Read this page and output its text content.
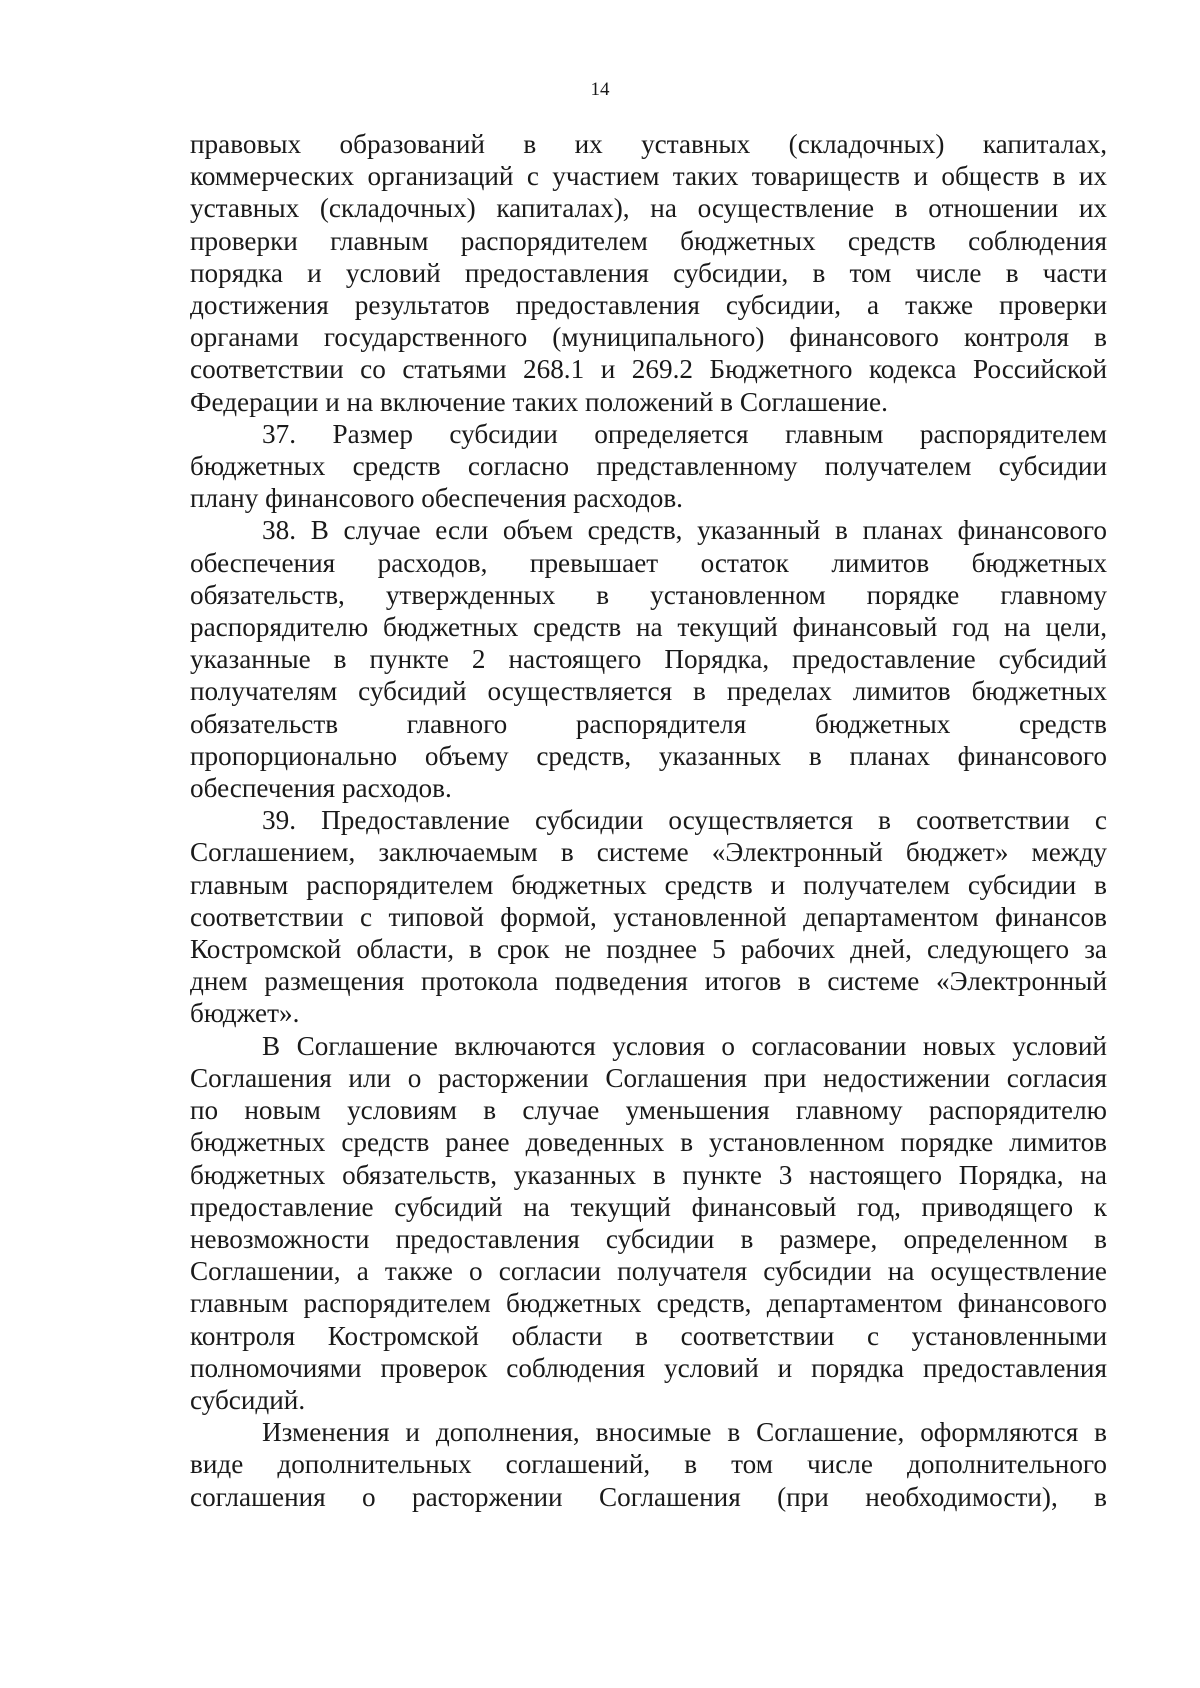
14
правовых образований в их уставных (складочных) капиталах,
коммерческих организаций с участием таких товариществ и обществ в их
уставных (складочных) капиталах), на осуществление в отношении их
проверки главным распорядителем бюджетных средств соблюдения
порядка и условий предоставления субсидии, в том числе в части
достижения результатов предоставления субсидии, а также проверки
органами государственного (муниципального) финансового контроля в
соответствии со статьями 268.1 и 269.2 Бюджетного кодекса Российской
Федерации и на включение таких положений в Соглашение.
37. Размер субсидии определяется главным распорядителем
бюджетных средств согласно представленному получателем субсидии
плану финансового обеспечения расходов.
38. В случае если объем средств, указанный в планах финансового
обеспечения расходов, превышает остаток лимитов бюджетных
обязательств, утвержденных в установленном порядке главному
распорядителю бюджетных средств на текущий финансовый год на цели,
указанные в пункте 2 настоящего Порядка, предоставление субсидий
получателям субсидий осуществляется в пределах лимитов бюджетных
обязательств главного распорядителя бюджетных средств
пропорционально объему средств, указанных в планах финансового
обеспечения расходов.
39. Предоставление субсидии осуществляется в соответствии с
Соглашением, заключаемым в системе «Электронный бюджет» между
главным распорядителем бюджетных средств и получателем субсидии в
соответствии с типовой формой, установленной департаментом финансов
Костромской области, в срок не позднее 5 рабочих дней, следующего за
днем размещения протокола подведения итогов в системе «Электронный
бюджет».
В Соглашение включаются условия о согласовании новых условий
Соглашения или о расторжении Соглашения при недостижении согласия
по новым условиям в случае уменьшения главному распорядителю
бюджетных средств ранее доведенных в установленном порядке лимитов
бюджетных обязательств, указанных в пункте 3 настоящего Порядка, на
предоставление субсидий на текущий финансовый год, приводящего к
невозможности предоставления субсидии в размере, определенном в
Соглашении, а также о согласии получателя субсидии на осуществление
главным распорядителем бюджетных средств, департаментом финансового
контроля Костромской области в соответствии с установленными
полномочиями проверок соблюдения условий и порядка предоставления
субсидий.
Изменения и дополнения, вносимые в Соглашение, оформляются в
виде дополнительных соглашений, в том числе дополнительного
соглашения о расторжении Соглашения (при необходимости), в
